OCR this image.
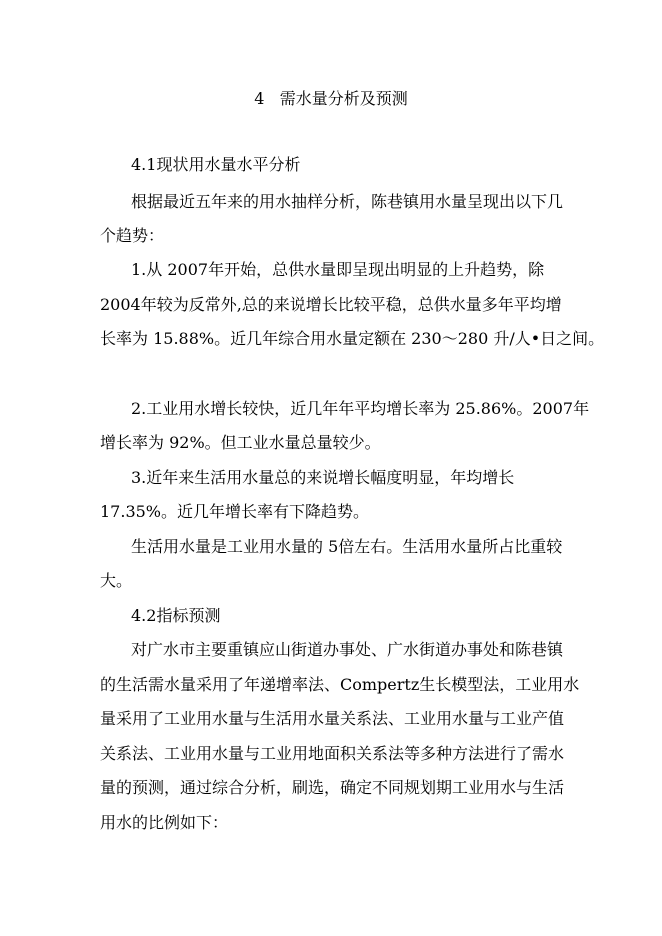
4   需水量分析及预测
4.1现状用水量水平分析
根据最近五年来的用水抽样分析，陈巷镇用水量呈现出以下几
个趋势：
1.从 2007年开始，总供水量即呈现出明显的上升趋势，除
2004年较为反常外,总的来说增长比较平稳，总供水量多年平均增
长率为 15.88%。近几年综合用水量定额在 230～280 升/人•日之间。
2.工业用水增长较快，近几年年平均增长率为 25.86%。2007年
增长率为 92%。但工业水量总量较少。
3.近年来生活用水量总的来说增长幅度明显，年均增长
17.35%。近几年增长率有下降趋势。
生活用水量是工业用水量的 5倍左右。生活用水量所占比重较
大。
4.2指标预测
对广水市主要重镇应山街道办事处、广水街道办事处和陈巷镇
的生活需水量采用了年递增率法、Compertz生长模型法，工业用水
量采用了工业用水量与生活用水量关系法、工业用水量与工业产值
关系法、工业用水量与工业用地面积关系法等多种方法进行了需水
量的预测，通过综合分析，刷选，确定不同规划期工业用水与生活
用水的比例如下：
